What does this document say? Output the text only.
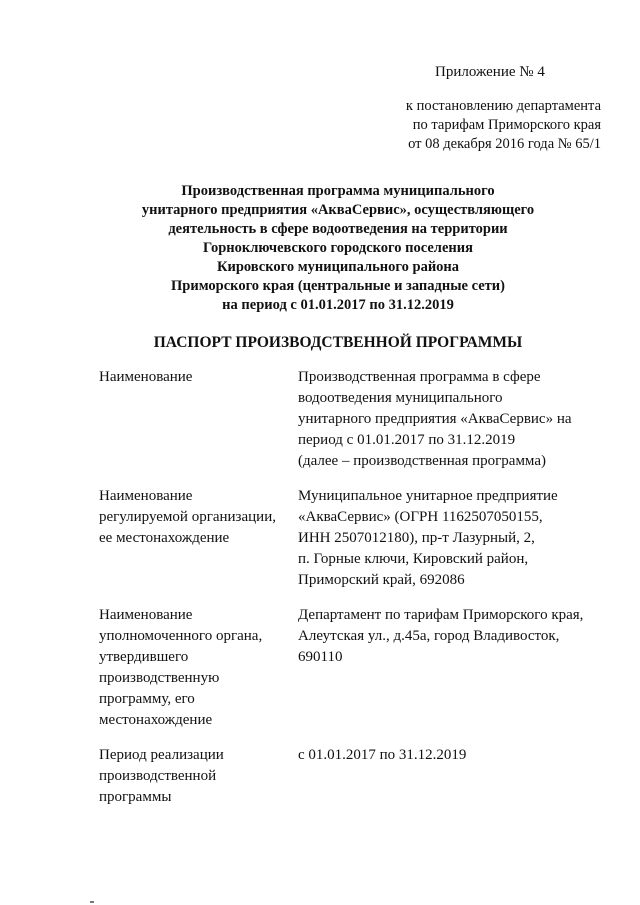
Приложение № 4
к постановлению департамента
по тарифам Приморского края
от 08 декабря 2016 года № 65/1
Производственная программа муниципального
унитарного предприятия «АкваСервис», осуществляющего
деятельность в сфере водоотведения на территории
Горноключевского городского поселения
Кировского муниципального района
Приморского края (центральные и западные сети)
на период с 01.01.2017 по 31.12.2019
ПАСПОРТ ПРОИЗВОДСТВЕННОЙ ПРОГРАММЫ
Наименование	Производственная программа в сфере
водоотведения муниципального
унитарного предприятия «АкваСервис» на
период с 01.01.2017 по 31.12.2019
(далее – производственная программа)
Наименование
регулируемой организации,
ее местонахождение
Муниципальное унитарное предприятие
«АкваСервис» (ОГРН 1162507050155,
ИНН 2507012180), пр-т Лазурный, 2,
п. Горные ключи, Кировский район,
Приморский край, 692086
Наименование
уполномоченного органа,
утвердившего
производственную
программу, его
местонахождение
Департамент по тарифам Приморского края,
Алеутская ул., д.45а, город Владивосток,
690110
Период реализации
производственной
программы
с 01.01.2017 по 31.12.2019
